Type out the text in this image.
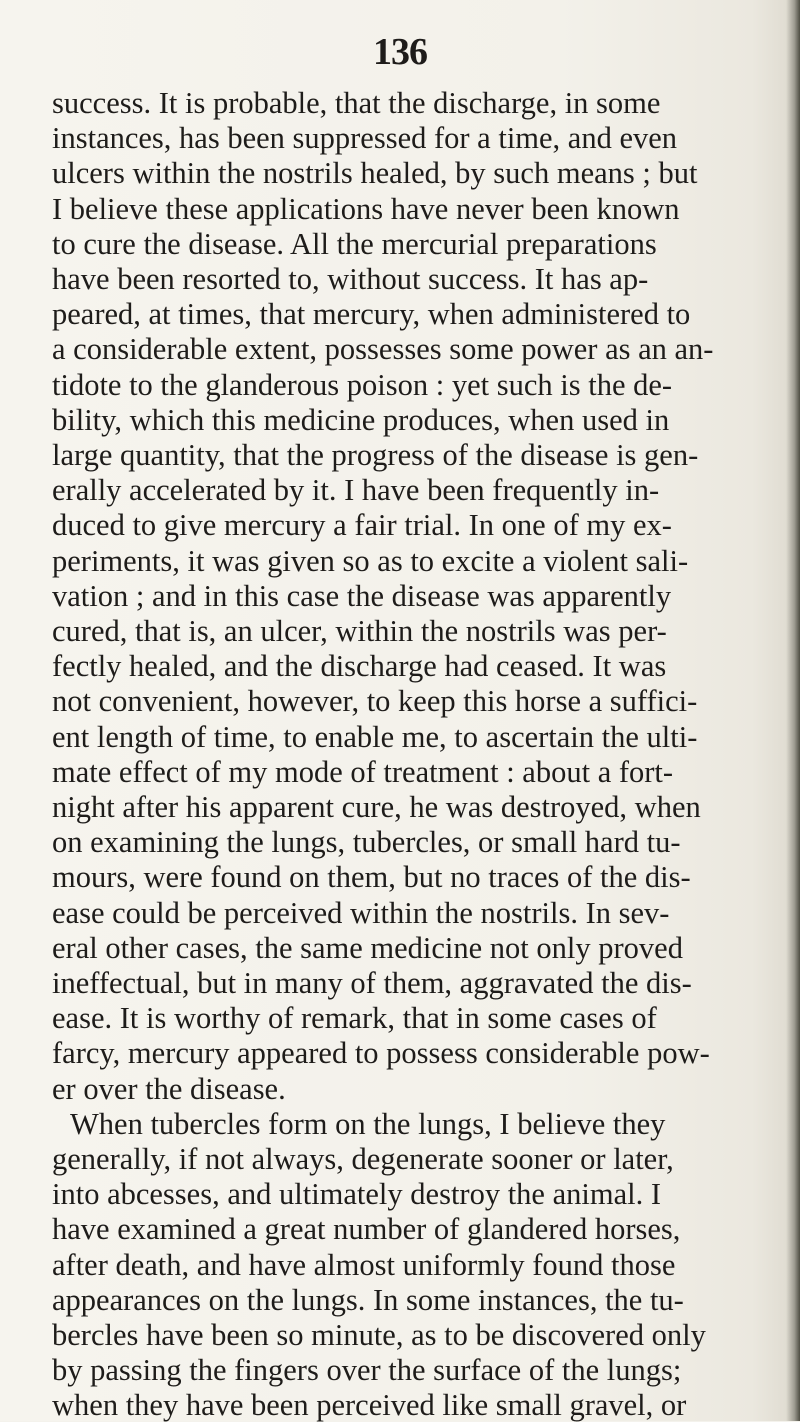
136
success. It is probable, that the discharge, in some
instances, has been suppressed for a time, and even
ulcers within the nostrils healed, by such means ; but
I believe these applications have never been known
to cure the disease. All the mercurial preparations
have been resorted to, without success. It has ap-
peared, at times, that mercury, when administered to
a considerable extent, possesses some power as an an-
tidote to the glanderous poison : yet such is the de-
bility, which this medicine produces, when used in
large quantity, that the progress of the disease is gen-
erally accelerated by it. I have been frequently in-
duced to give mercury a fair trial. In one of my ex-
periments, it was given so as to excite a violent sali-
vation ; and in this case the disease was apparently
cured, that is, an ulcer, within the nostrils was per-
fectly healed, and the discharge had ceased. It was
not convenient, however, to keep this horse a suffici-
ent length of time, to enable me, to ascertain the ulti-
mate effect of my mode of treatment : about a fort-
night after his apparent cure, he was destroyed, when
on examining the lungs, tubercles, or small hard tu-
mours, were found on them, but no traces of the dis-
ease could be perceived within the nostrils. In sev-
eral other cases, the same medicine not only proved
ineffectual, but in many of them, aggravated the dis-
ease. It is worthy of remark, that in some cases of
farcy, mercury appeared to possess considerable pow-
er over the disease.
When tubercles form on the lungs, I believe they
generally, if not always, degenerate sooner or later,
into abcesses, and ultimately destroy the animal. I
have examined a great number of glandered horses,
after death, and have almost uniformly found those
appearances on the lungs. In some instances, the tu-
bercles have been so minute, as to be discovered only
by passing the fingers over the surface of the lungs;
when they have been perceived like small gravel, or
